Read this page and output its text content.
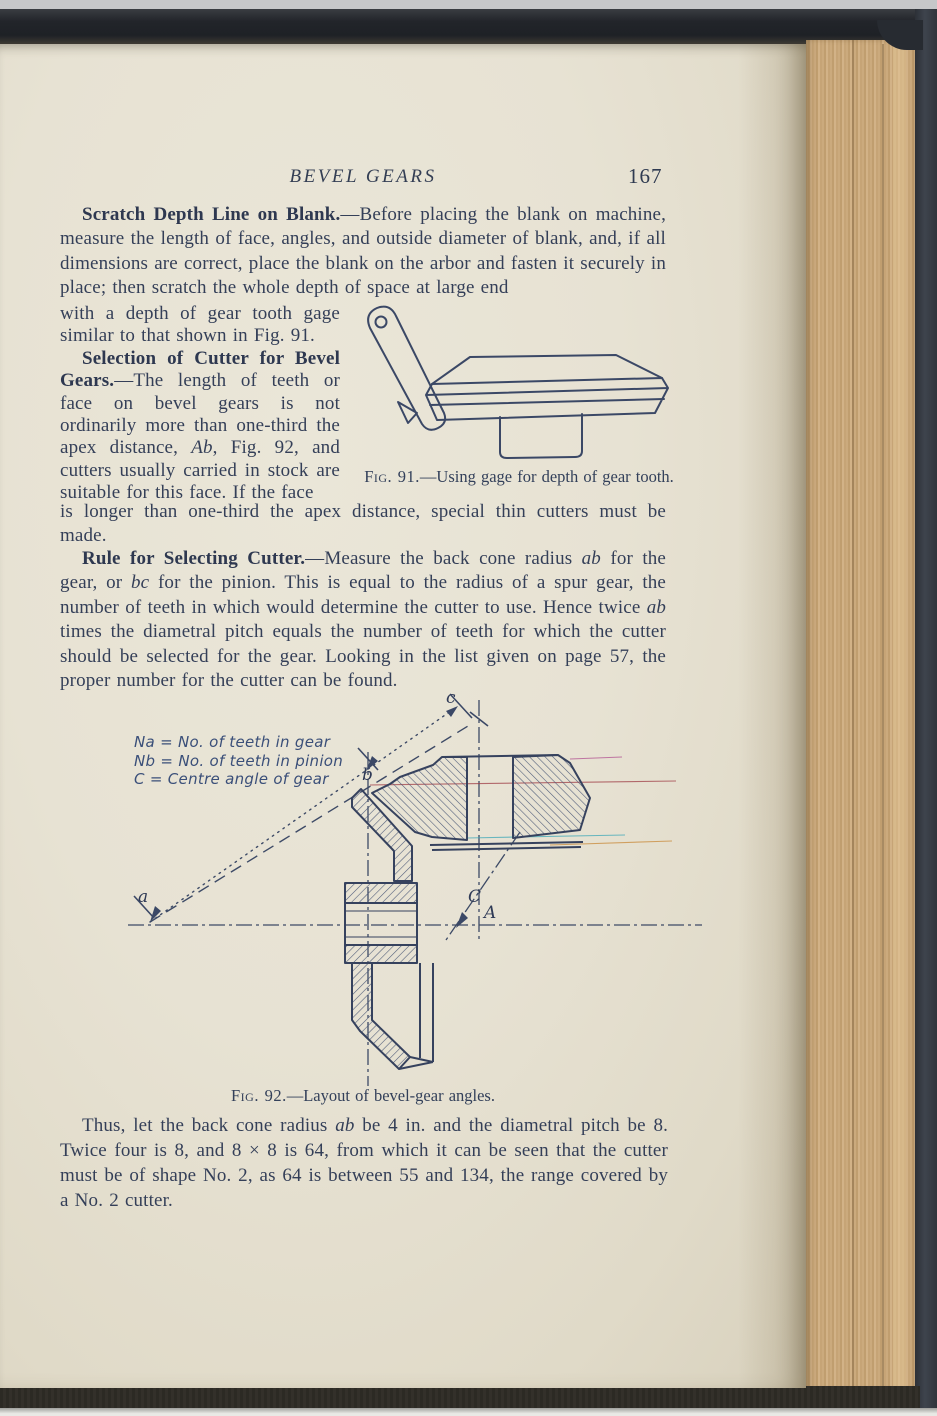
BEVEL GEARS	167

Scratch Depth Line on Blank.—Before placing the blank on machine, measure the length of face, angles, and outside diameter of blank, and, if all dimensions are correct, place the blank on the arbor and fasten it securely in place; then scratch the whole depth of space at large end

with a depth of gear tooth gage similar to that shown in Fig. 91.

Selection of Cutter for Bevel Gears.—The length of teeth or face on bevel gears is not ordinarily more than one-third the apex distance, Ab, Fig. 92, and cutters usually carried in stock are suitable for this face. If the face

Fig. 91.—Using gage for depth of gear tooth.

is longer than one-third the apex distance, special thin cutters must be made.

Rule for Selecting Cutter.—Measure the back cone radius ab for the gear, or bc for the pinion. This is equal to the radius of a spur gear, the number of teeth in which would determine the cutter to use. Hence twice ab times the diametral pitch equals the number of teeth for which the cutter should be selected for the gear. Looking in the list given on page 57, the proper number for the cutter can be found.

a
b
c
C
A
Na = No. of teeth in gear
Nb = No. of teeth in pinion
C = Centre angle of gear
Fig. 92.—Layout of bevel-gear angles.

Thus, let the back cone radius ab be 4 in. and the diametral pitch be 8. Twice four is 8, and 8 × 8 is 64, from which it can be seen that the cutter must be of shape No. 2, as 64 is between 55 and 134, the range covered by a No. 2 cutter.
